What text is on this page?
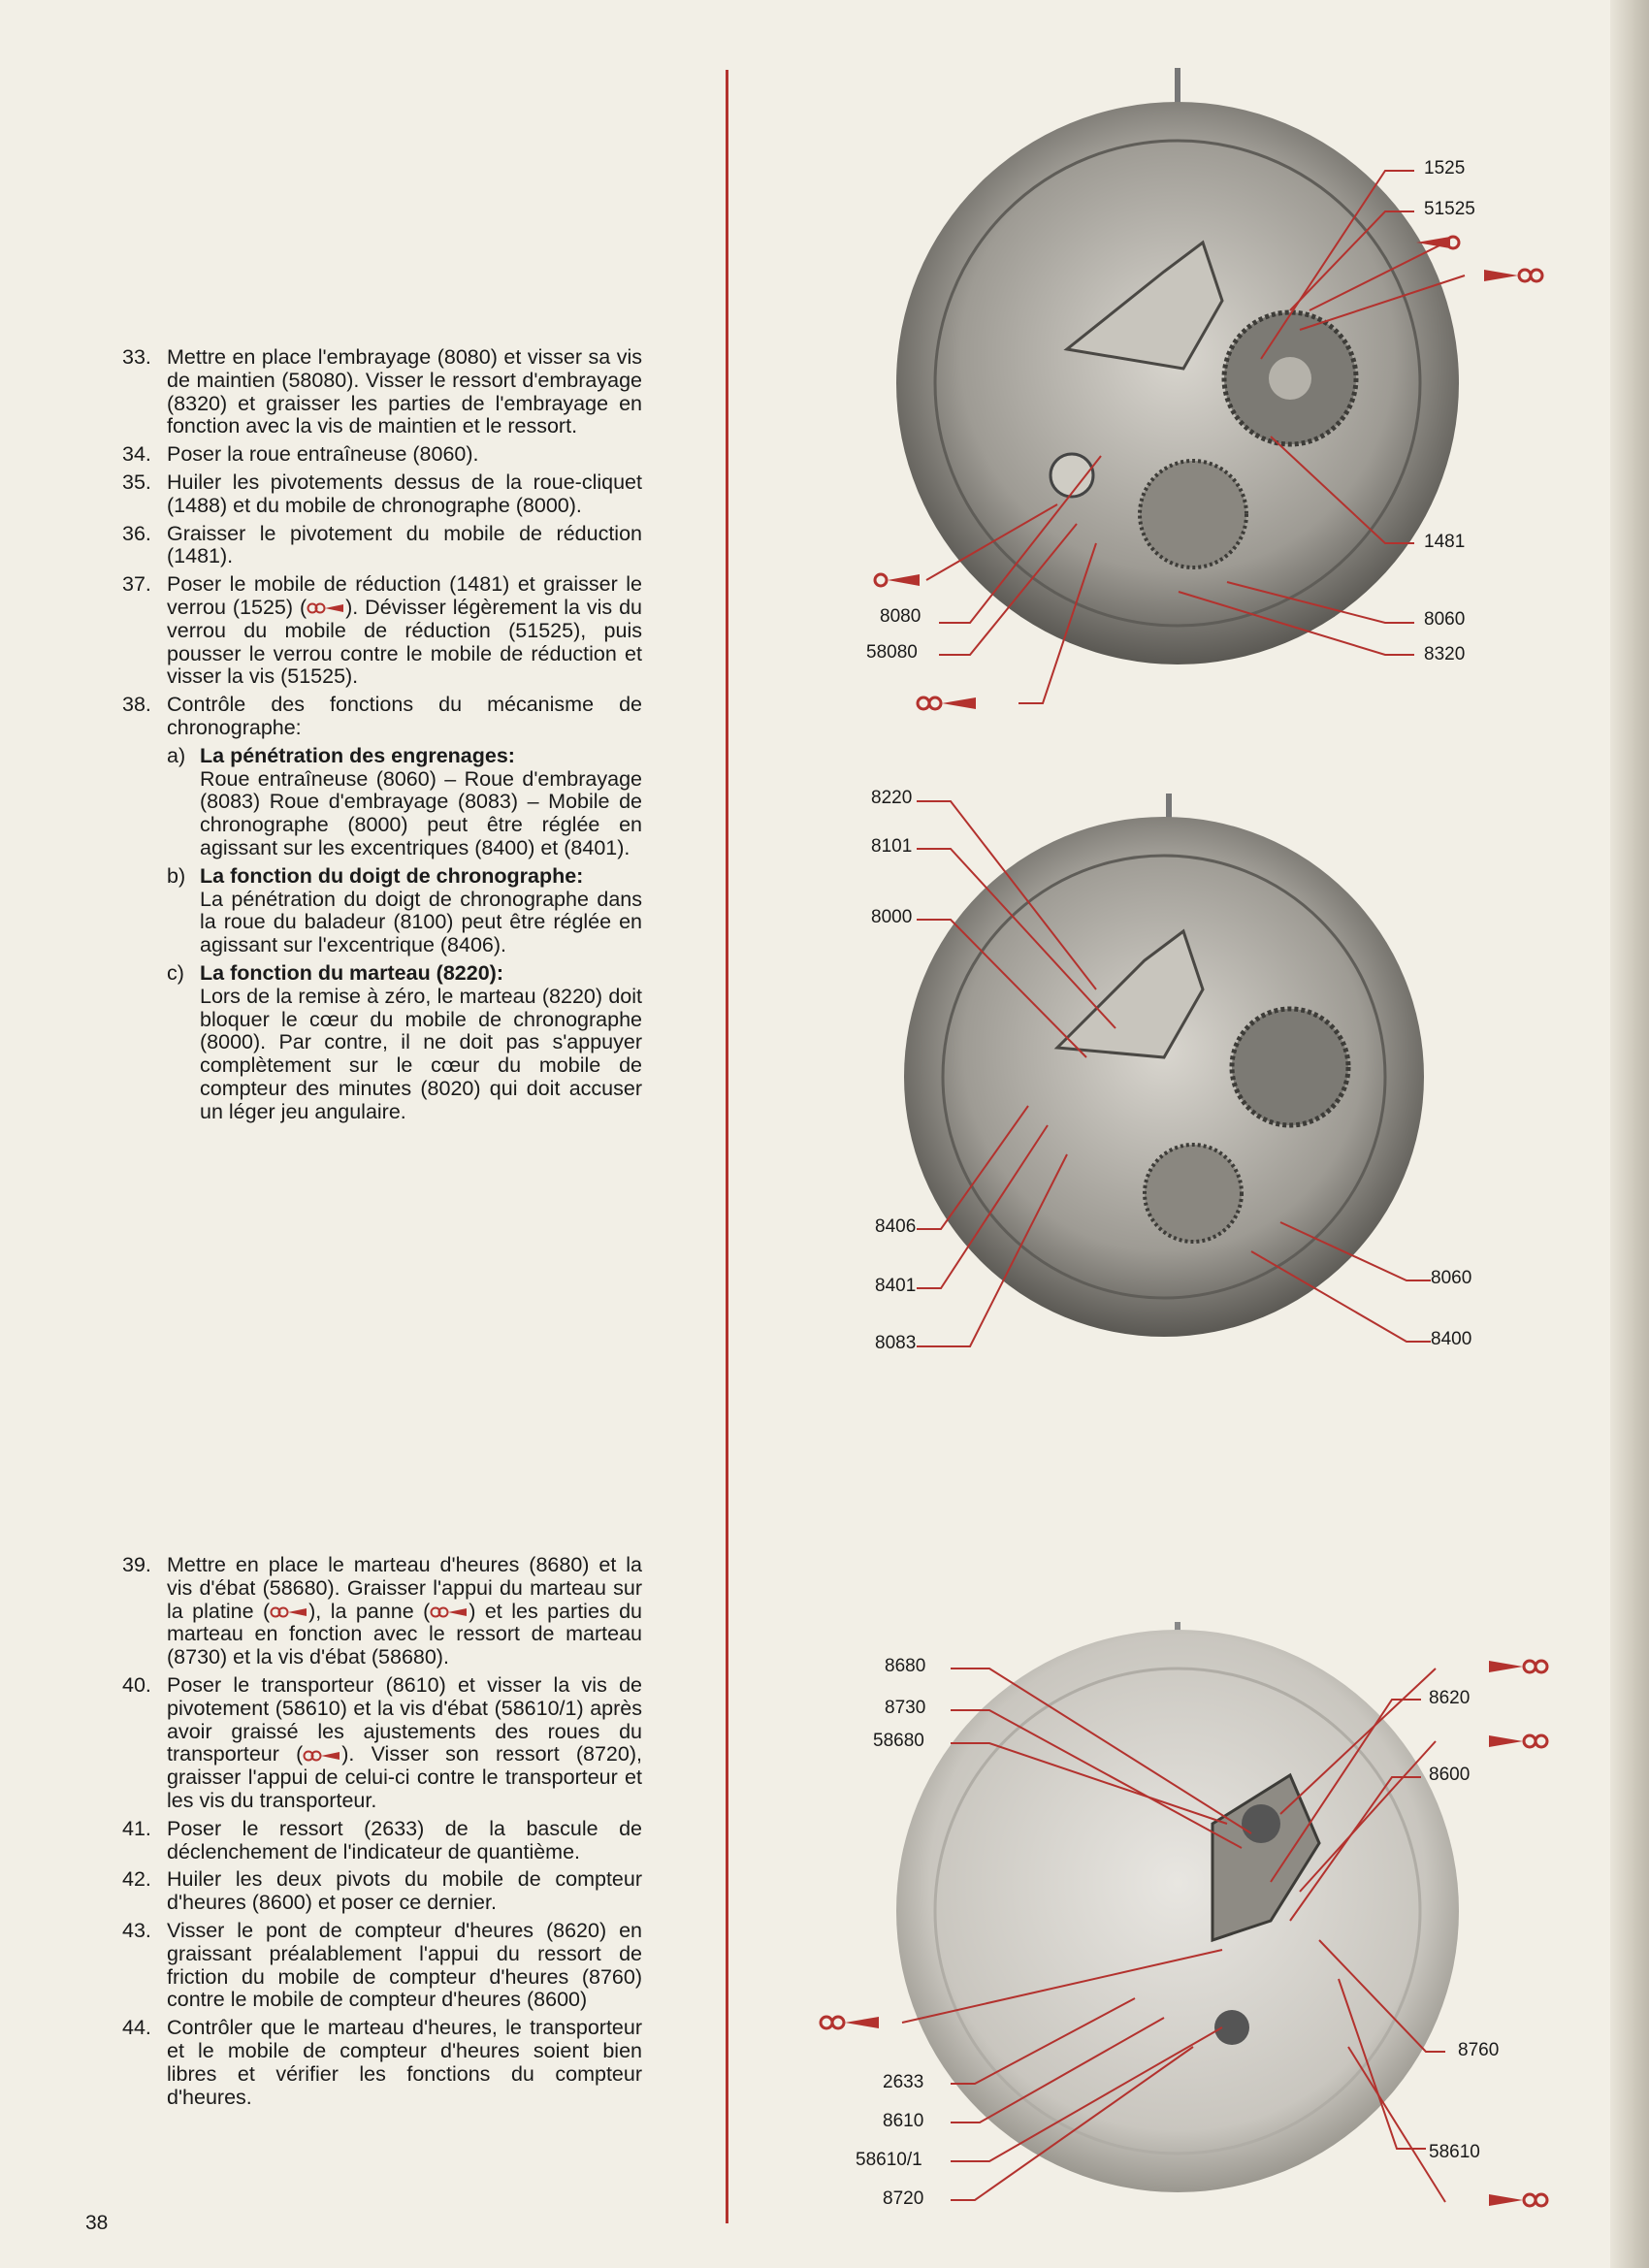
33. Mettre en place l'embrayage (8080) et visser sa vis de maintien (58080). Visser le ressort d'embrayage (8320) et graisser les parties de l'embrayage en fonction avec la vis de maintien et le ressort.
34. Poser la roue entraîneuse (8060).
35. Huiler les pivotements dessus de la roue-cliquet (1488) et du mobile de chronographe (8000).
36. Graisser le pivotement du mobile de réduction (1481).
37. Poser le mobile de réduction (1481) et graisser le verrou (1525) ( ). Dévisser légèrement la vis du verrou du mobile de réduction (51525), puis pousser le verrou contre le mobile de réduction et visser la vis (51525).
38. Contrôle des fonctions du mécanisme de chronographe:
a) La pénétration des engrenages:
Roue entraîneuse (8060) – Roue d'embrayage (8083) Roue d'embrayage (8083) – Mobile de chronographe (8000) peut être réglée en agissant sur les excentriques (8400) et (8401).
b) La fonction du doigt de chronographe:
La pénétration du doigt de chronographe dans la roue du baladeur (8100) peut être réglée en agissant sur l'excentrique (8406).
c) La fonction du marteau (8220):
Lors de la remise à zéro, le marteau (8220) doit bloquer le cœur du mobile de chronographe (8000). Par contre, il ne doit pas s'appuyer complètement sur le cœur du mobile de compteur des minutes (8020) qui doit accuser un léger jeu angulaire.
39. Mettre en place le marteau d'heures (8680) et la vis d'ébat (58680). Graisser l'appui du marteau sur la platine ( ), la panne ( ) et les parties du marteau en fonction avec le ressort de marteau (8730) et la vis d'ébat (58680).
40. Poser le transporteur (8610) et visser la vis de pivotement (58610) et la vis d'ébat (58610/1) après avoir graissé les ajustements des roues du transporteur ( ). Visser son ressort (8720), graisser l'appui de celui-ci contre le transporteur et les vis du transporteur.
41. Poser le ressort (2633) de la bascule de déclenchement de l'indicateur de quantième.
42. Huiler les deux pivots du mobile de compteur d'heures (8600) et poser ce dernier.
43. Visser le pont de compteur d'heures (8620) en graissant préalablement l'appui du ressort de friction du mobile de compteur d'heures (8760) contre le mobile de compteur d'heures (8600)
44. Contrôler que le marteau d'heures, le transporteur et le mobile de compteur d'heures soient bien libres et vérifier les fonctions du compteur d'heures.
38
1525
51525
1481
8080
58080
8060
8320
8220
8101
8000
8406
8401
8083
8060
8400
8680
8730
58680
8620
8600
8760
2633
8610
58610/1
8720
58610
